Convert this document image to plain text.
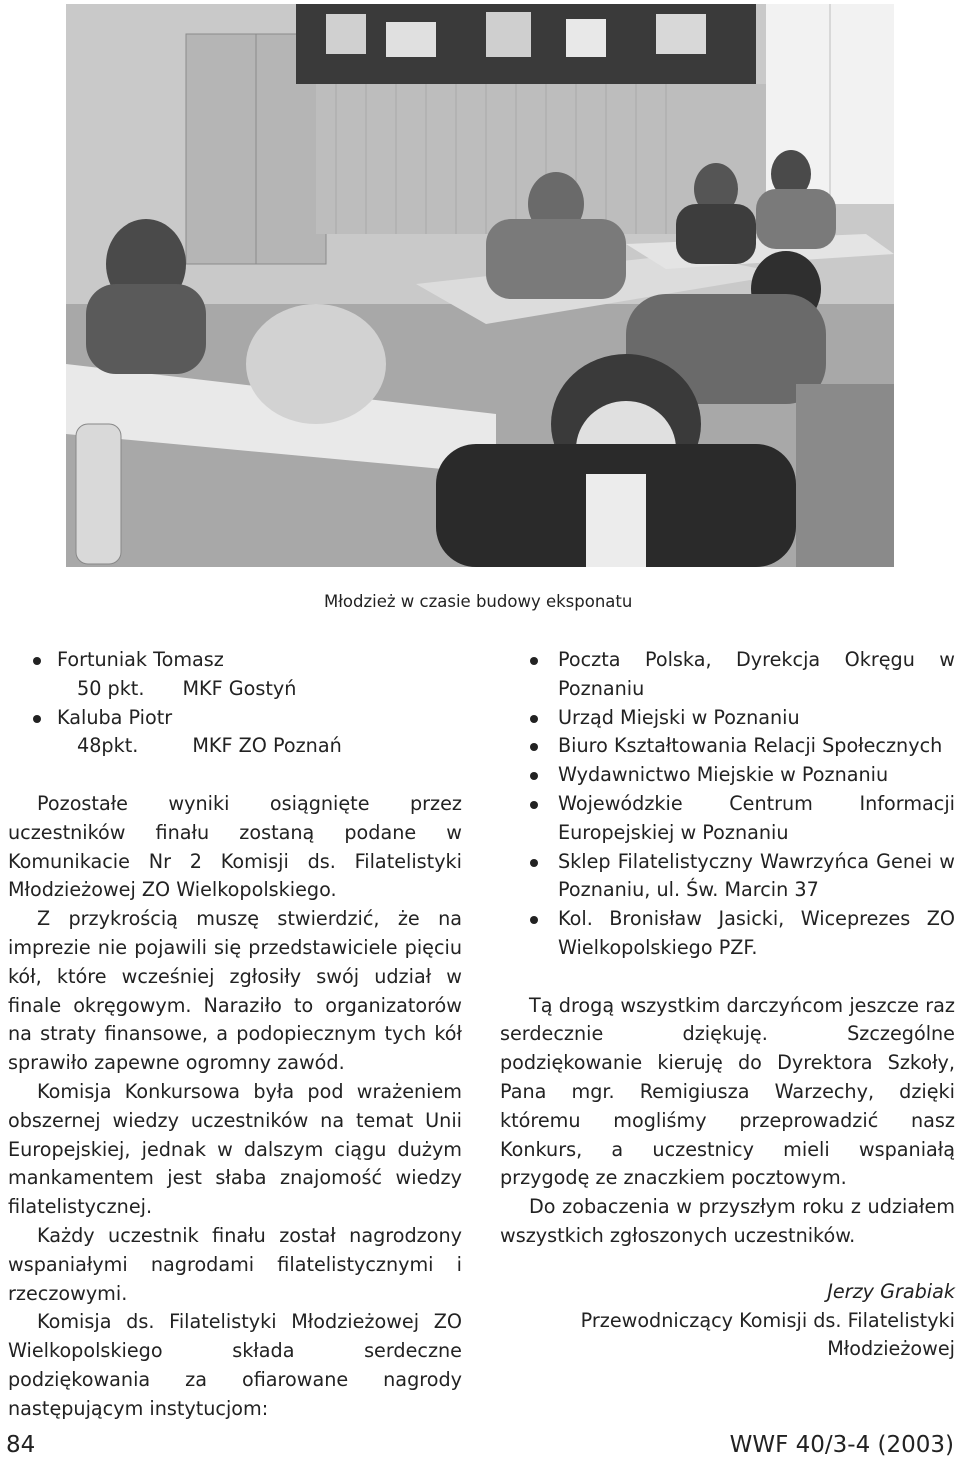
Młodzież w czasie budowy eksponatu
Fortuniak Tomasz
50 pkt. MKF Gostyń
Kaluba Piotr
48pkt.	MKF ZO Poznań

Pozostałe wyniki osiągnięte przez uczestników finału zostaną podane w Komunikacie Nr 2 Komisji ds. Filatelistyki Młodzieżowej ZO Wielkopolskiego.

Z przykrością muszę stwierdzić, że na imprezie nie pojawili się przedstawiciele pięciu kół, które wcześniej zgłosiły swój udział w finale okręgowym. Naraziło to organizatorów na straty finansowe, a podopiecznym tych kół sprawiło zapewne ogromny zawód.

Komisja Konkursowa była pod wrażeniem obszernej wiedzy uczestników na temat Unii Europejskiej, jednak w dalszym ciągu dużym mankamentem jest słaba znajomość wiedzy filatelistycznej.

Każdy uczestnik finału został nagrodzony wspaniałymi nagrodami filatelistycznymi i rzeczowymi.

Komisja ds. Filatelistyki Młodzieżowej ZO Wielkopolskiego składa serdeczne podziękowania za ofiarowane nagrody następującym instytucjom:

Poczta Polska, Dyrekcja Okręgu w Poznaniu
Urząd Miejski w Poznaniu
Biuro Kształtowania Relacji Społecznych
Wydawnictwo Miejskie w Poznaniu
Wojewódzkie Centrum Informacji Europejskiej w Poznaniu
Sklep Filatelistyczny Wawrzyńca Genei w Poznaniu, ul. Św. Marcin 37
Kol. Bronisław Jasicki, Wiceprezes ZO Wielkopolskiego PZF.

Tą drogą wszystkim darczyńcom jeszcze raz serdecznie dziękuję. Szczególne podziękowanie kieruję do Dyrektora Szkoły, Pana mgr. Remigiusza Warzechy, dzięki któremu mogliśmy przeprowadzić nasz Konkurs, a uczestnicy mieli wspaniałą przygodę ze znaczkiem pocztowym.

Do zobaczenia w przyszłym roku z udziałem wszystkich zgłoszonych uczestników.

Jerzy Grabiak
Przewodniczący Komisji ds. Filatelistyki
Młodzieżowej
84	WWF 40/3-4 (2003)
